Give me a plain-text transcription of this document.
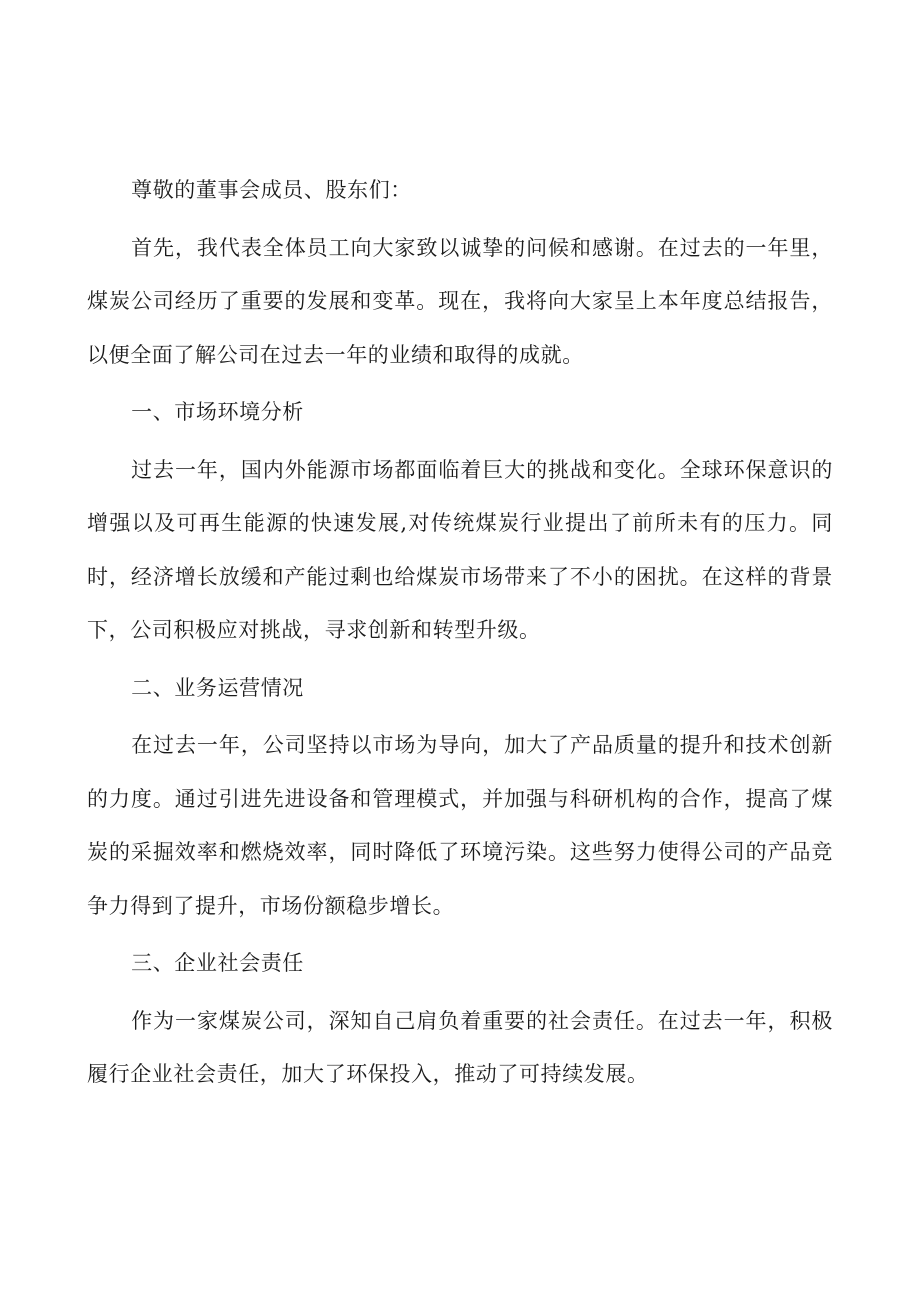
尊敬的董事会成员、股东们：

首先，我代表全体员工向大家致以诚挚的问候和感谢。在过去的一年里，煤炭公司经历了重要的发展和变革。现在，我将向大家呈上本年度总结报告，以便全面了解公司在过去一年的业绩和取得的成就。

一、市场环境分析

过去一年，国内外能源市场都面临着巨大的挑战和变化。全球环保意识的增强以及可再生能源的快速发展,对传统煤炭行业提出了前所未有的压力。同时，经济增长放缓和产能过剩也给煤炭市场带来了不小的困扰。在这样的背景下，公司积极应对挑战，寻求创新和转型升级。

二、业务运营情况

在过去一年，公司坚持以市场为导向，加大了产品质量的提升和技术创新的力度。通过引进先进设备和管理模式，并加强与科研机构的合作，提高了煤炭的采掘效率和燃烧效率，同时降低了环境污染。这些努力使得公司的产品竞争力得到了提升，市场份额稳步增长。

三、企业社会责任

作为一家煤炭公司，深知自己肩负着重要的社会责任。在过去一年，积极履行企业社会责任，加大了环保投入，推动了可持续发展。
